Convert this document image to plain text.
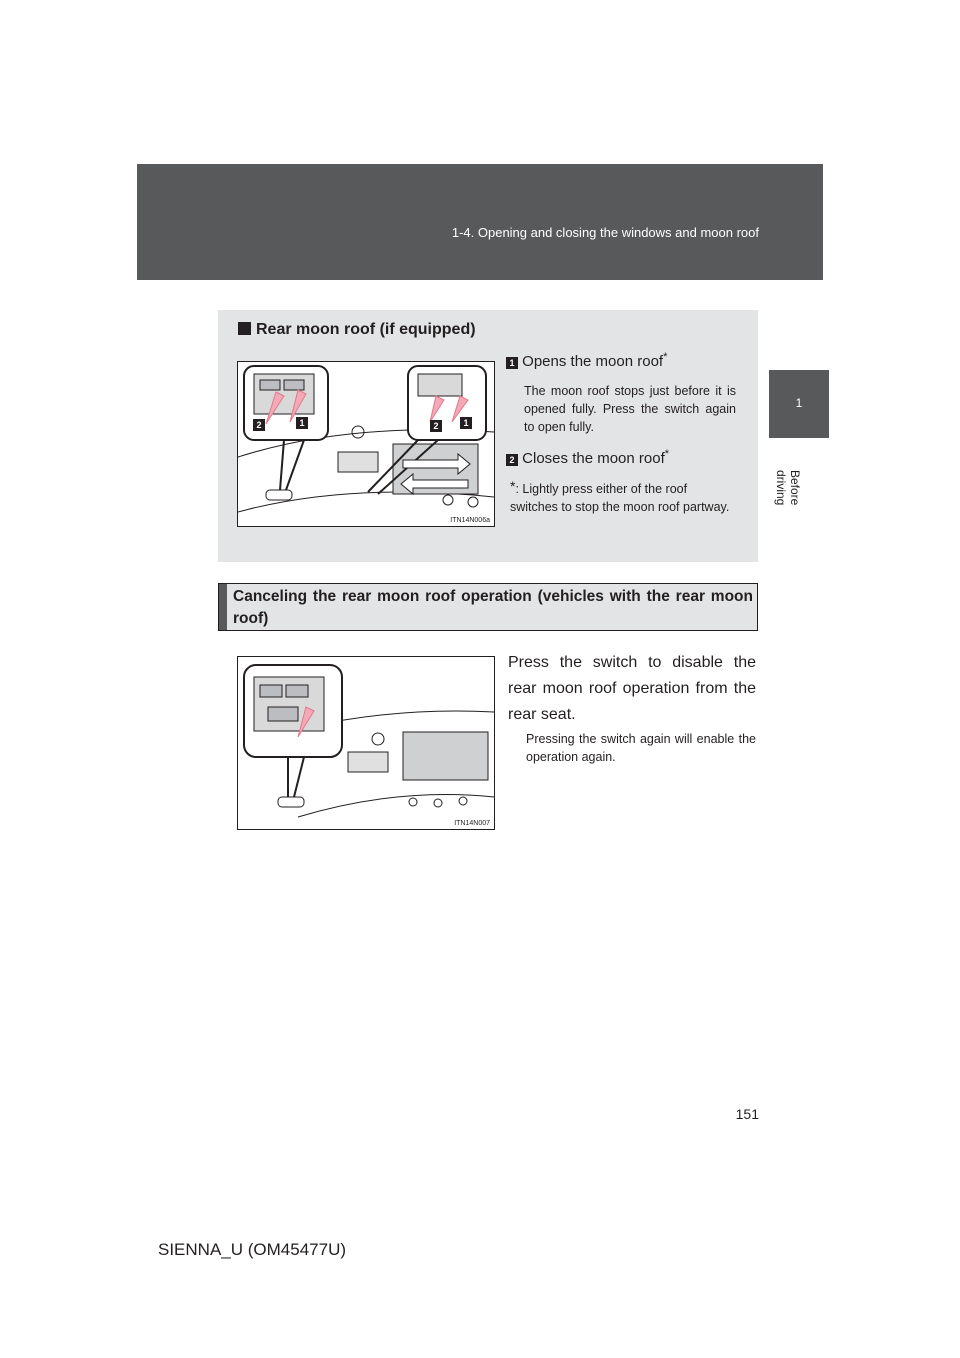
1-4. Opening and closing the windows and moon roof
1
Before driving
Rear moon roof (if equipped)
2	1	2	1
ITN14N006a
1 Opens the moon roof*
The moon roof stops just before it is opened fully. Press the switch again to open fully.
2 Closes the moon roof*
*: Lightly press either of the roof switches to stop the moon roof partway.
Canceling the rear moon roof operation (vehicles with the rear moon roof)
ITN14N007
Press the switch to disable the rear moon roof operation from the rear seat.
Pressing the switch again will enable the operation again.
151
SIENNA_U (OM45477U)
